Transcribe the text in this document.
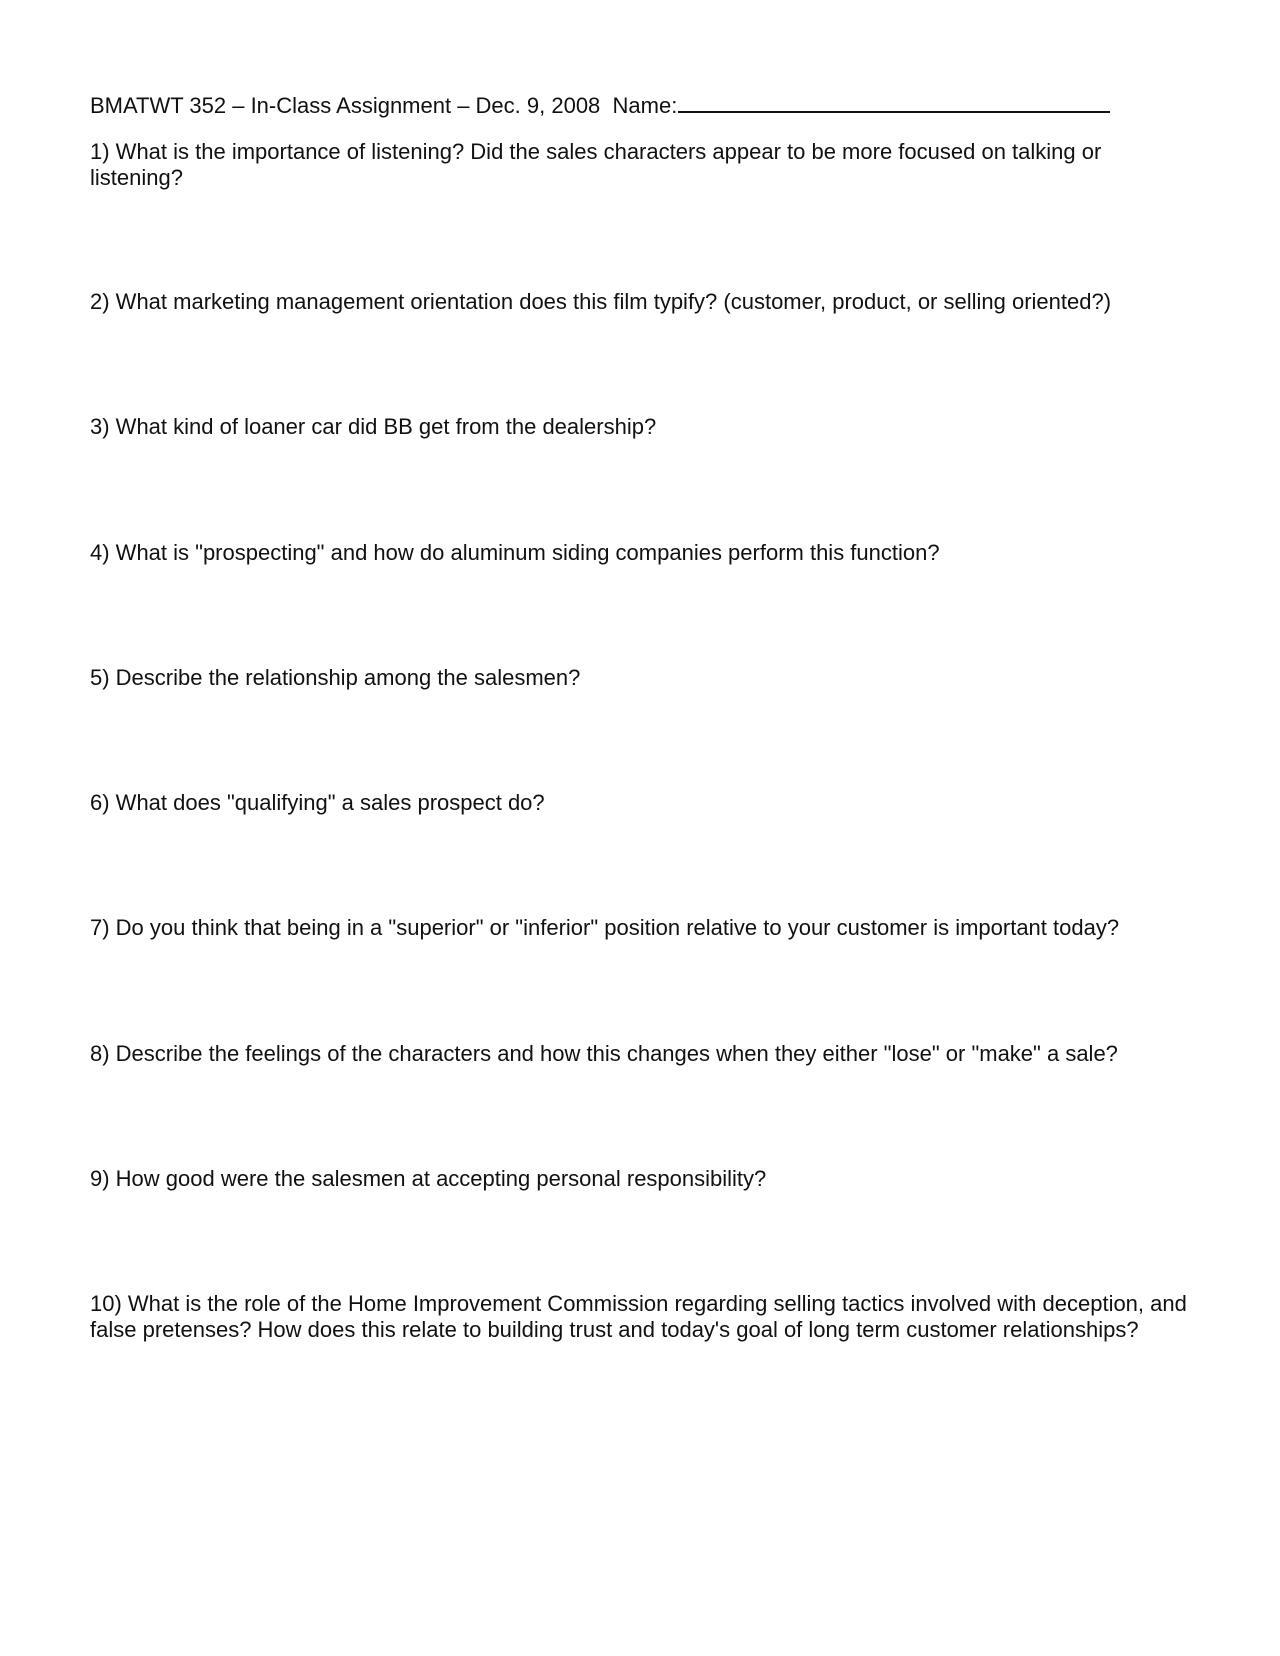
BMATWT 352 – In-Class Assignment – Dec. 9, 2008 Name:

1) What is the importance of listening? Did the sales characters appear to be more focused on talking or listening?

2) What marketing management orientation does this film typify? (customer, product, or selling oriented?)

3) What kind of loaner car did BB get from the dealership?

4) What is "prospecting" and how do aluminum siding companies perform this function?

5) Describe the relationship among the salesmen?

6) What does "qualifying" a sales prospect do?

7) Do you think that being in a "superior" or "inferior" position relative to your customer is important today?

8) Describe the feelings of the characters and how this changes when they either "lose" or "make" a sale?

9) How good were the salesmen at accepting personal responsibility?

10) What is the role of the Home Improvement Commission regarding selling tactics involved with deception, and false pretenses? How does this relate to building trust and today's goal of long term customer relationships?
